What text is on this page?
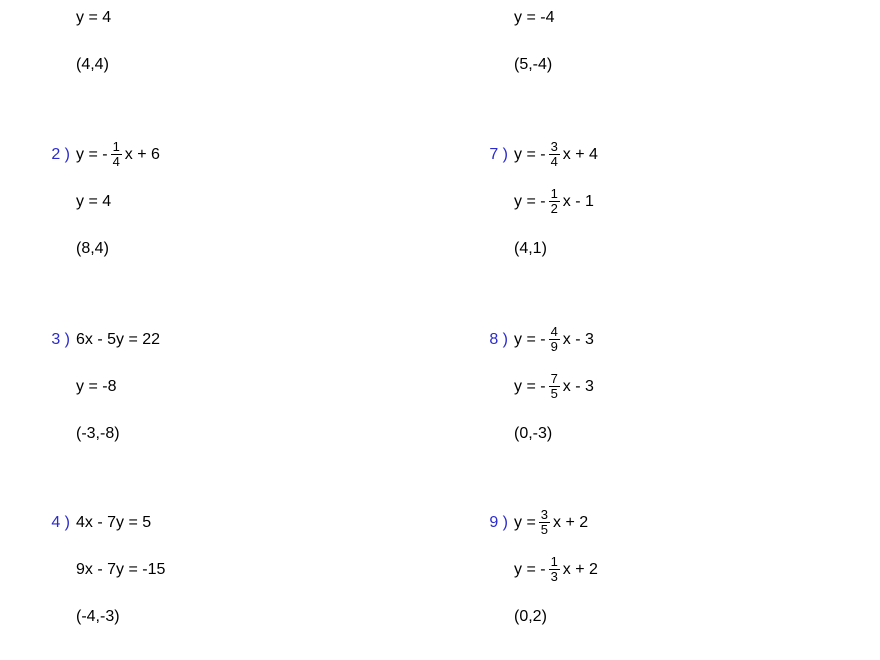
y = 4
(4,4)
2 ) y = - $\frac{1}{4}$ x + 6
y = 4
(8,4)
3 ) 6x - 5y = 22
y = -8
(-3,-8)
4 ) 4x - 7y = 5
9x - 7y = -15
(-4,-3)
y = -4
(5,-4)
7 ) y = - $\frac{3}{4}$ x + 4
y = - $\frac{1}{2}$ x - 1
(4,1)
8 ) y = - $\frac{4}{9}$ x - 3
y = - $\frac{7}{5}$ x - 3
(0,-3)
9 ) $y = \frac{3}{5}$ x + 2
y = - $\frac{1}{3}$ x + 2
(0,2)
